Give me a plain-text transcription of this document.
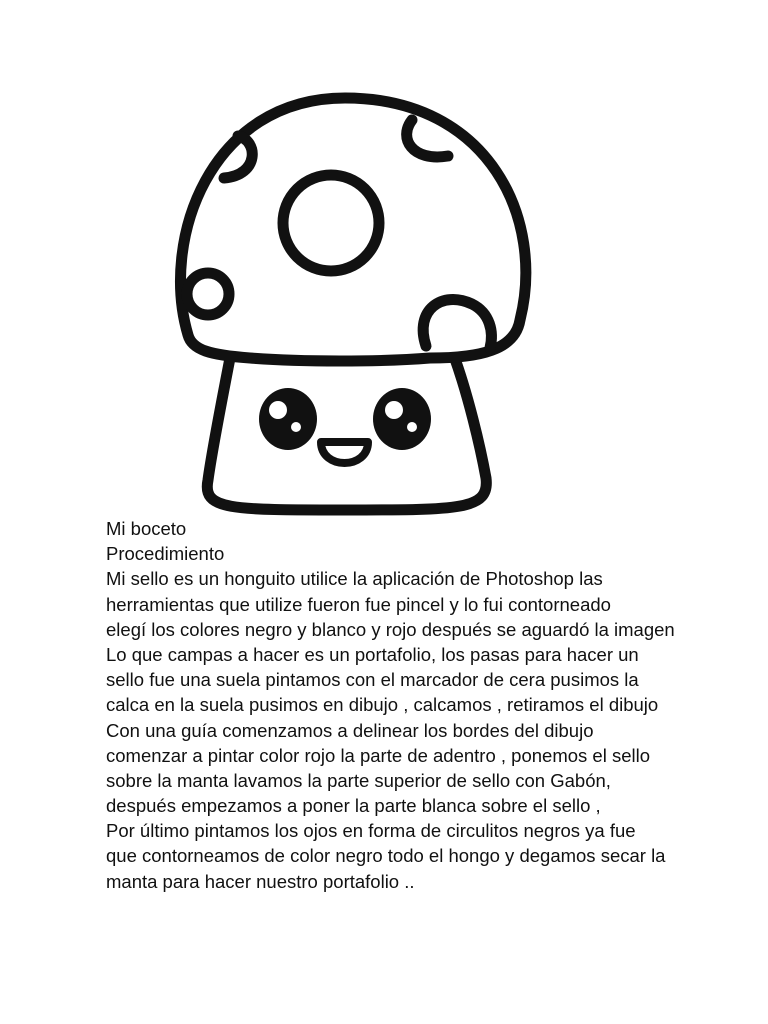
Mi boceto
Procedimiento
Mi sello es un honguito utilice la aplicación de Photoshop las
herramientas que utilize fueron fue pincel y lo fui contorneado
elegí los colores negro y blanco y rojo después se aguardó la imagen
Lo que campas a hacer es un portafolio, los pasas para hacer un
sello fue una suela pintamos con el marcador de cera pusimos la
calca en la suela pusimos en dibujo , calcamos , retiramos el dibujo
Con una guía comenzamos a delinear los bordes del dibujo
comenzar a pintar color rojo la parte de adentro , ponemos el sello
sobre la manta lavamos la parte superior de sello con Gabón,
después empezamos a poner la parte blanca sobre el sello ,
Por último pintamos los ojos en forma de circulitos negros ya fue
que contorneamos de color negro todo el hongo y degamos secar la
manta para hacer nuestro portafolio ..
